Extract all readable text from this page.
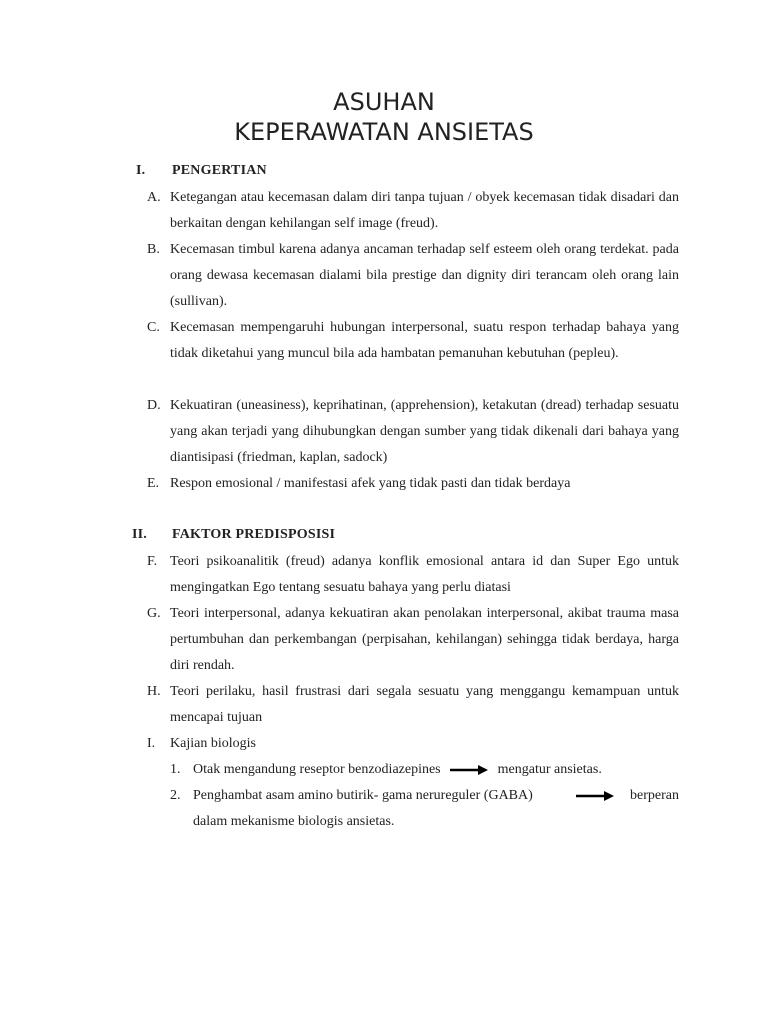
ASUHAN
KEPERAWATAN ANSIETAS
I. PENGERTIAN
A. Ketegangan atau kecemasan dalam diri tanpa tujuan / obyek kecemasan tidak disadari dan berkaitan dengan kehilangan self image (freud).
B. Kecemasan timbul karena adanya ancaman terhadap self esteem oleh orang terdekat. pada orang dewasa kecemasan dialami bila prestige dan dignity diri terancam oleh orang lain (sullivan).
C. Kecemasan mempengaruhi hubungan interpersonal, suatu respon terhadap bahaya yang tidak diketahui yang muncul bila ada hambatan pemanuhan kebutuhan (pepleu).
D. Kekuatiran (uneasiness), keprihatinan, (apprehension), ketakutan (dread) terhadap sesuatu yang akan terjadi yang dihubungkan dengan sumber yang tidak dikenali dari bahaya yang diantisipasi (friedman, kaplan, sadock)
E. Respon emosional / manifestasi afek yang tidak pasti dan tidak berdaya
II. FAKTOR PREDISPOSISI
F. Teori psikoanalitik (freud) adanya konflik emosional antara id dan Super Ego untuk mengingatkan Ego tentang sesuatu bahaya yang perlu diatasi
G. Teori interpersonal, adanya kekuatiran akan penolakan interpersonal, akibat trauma masa pertumbuhan dan perkembangan (perpisahan, kehilangan) sehingga tidak berdaya, harga diri rendah.
H. Teori perilaku, hasil frustrasi dari segala sesuatu yang menggangu kemampuan untuk mencapai tujuan
I. Kajian biologis
1. Otak mengandung reseptor benzodiazepines	mengatur ansietas.
2. Penghambat asam amino butirik- gama nerureguler (GABA)	berperan
dalam mekanisme biologis ansietas.
